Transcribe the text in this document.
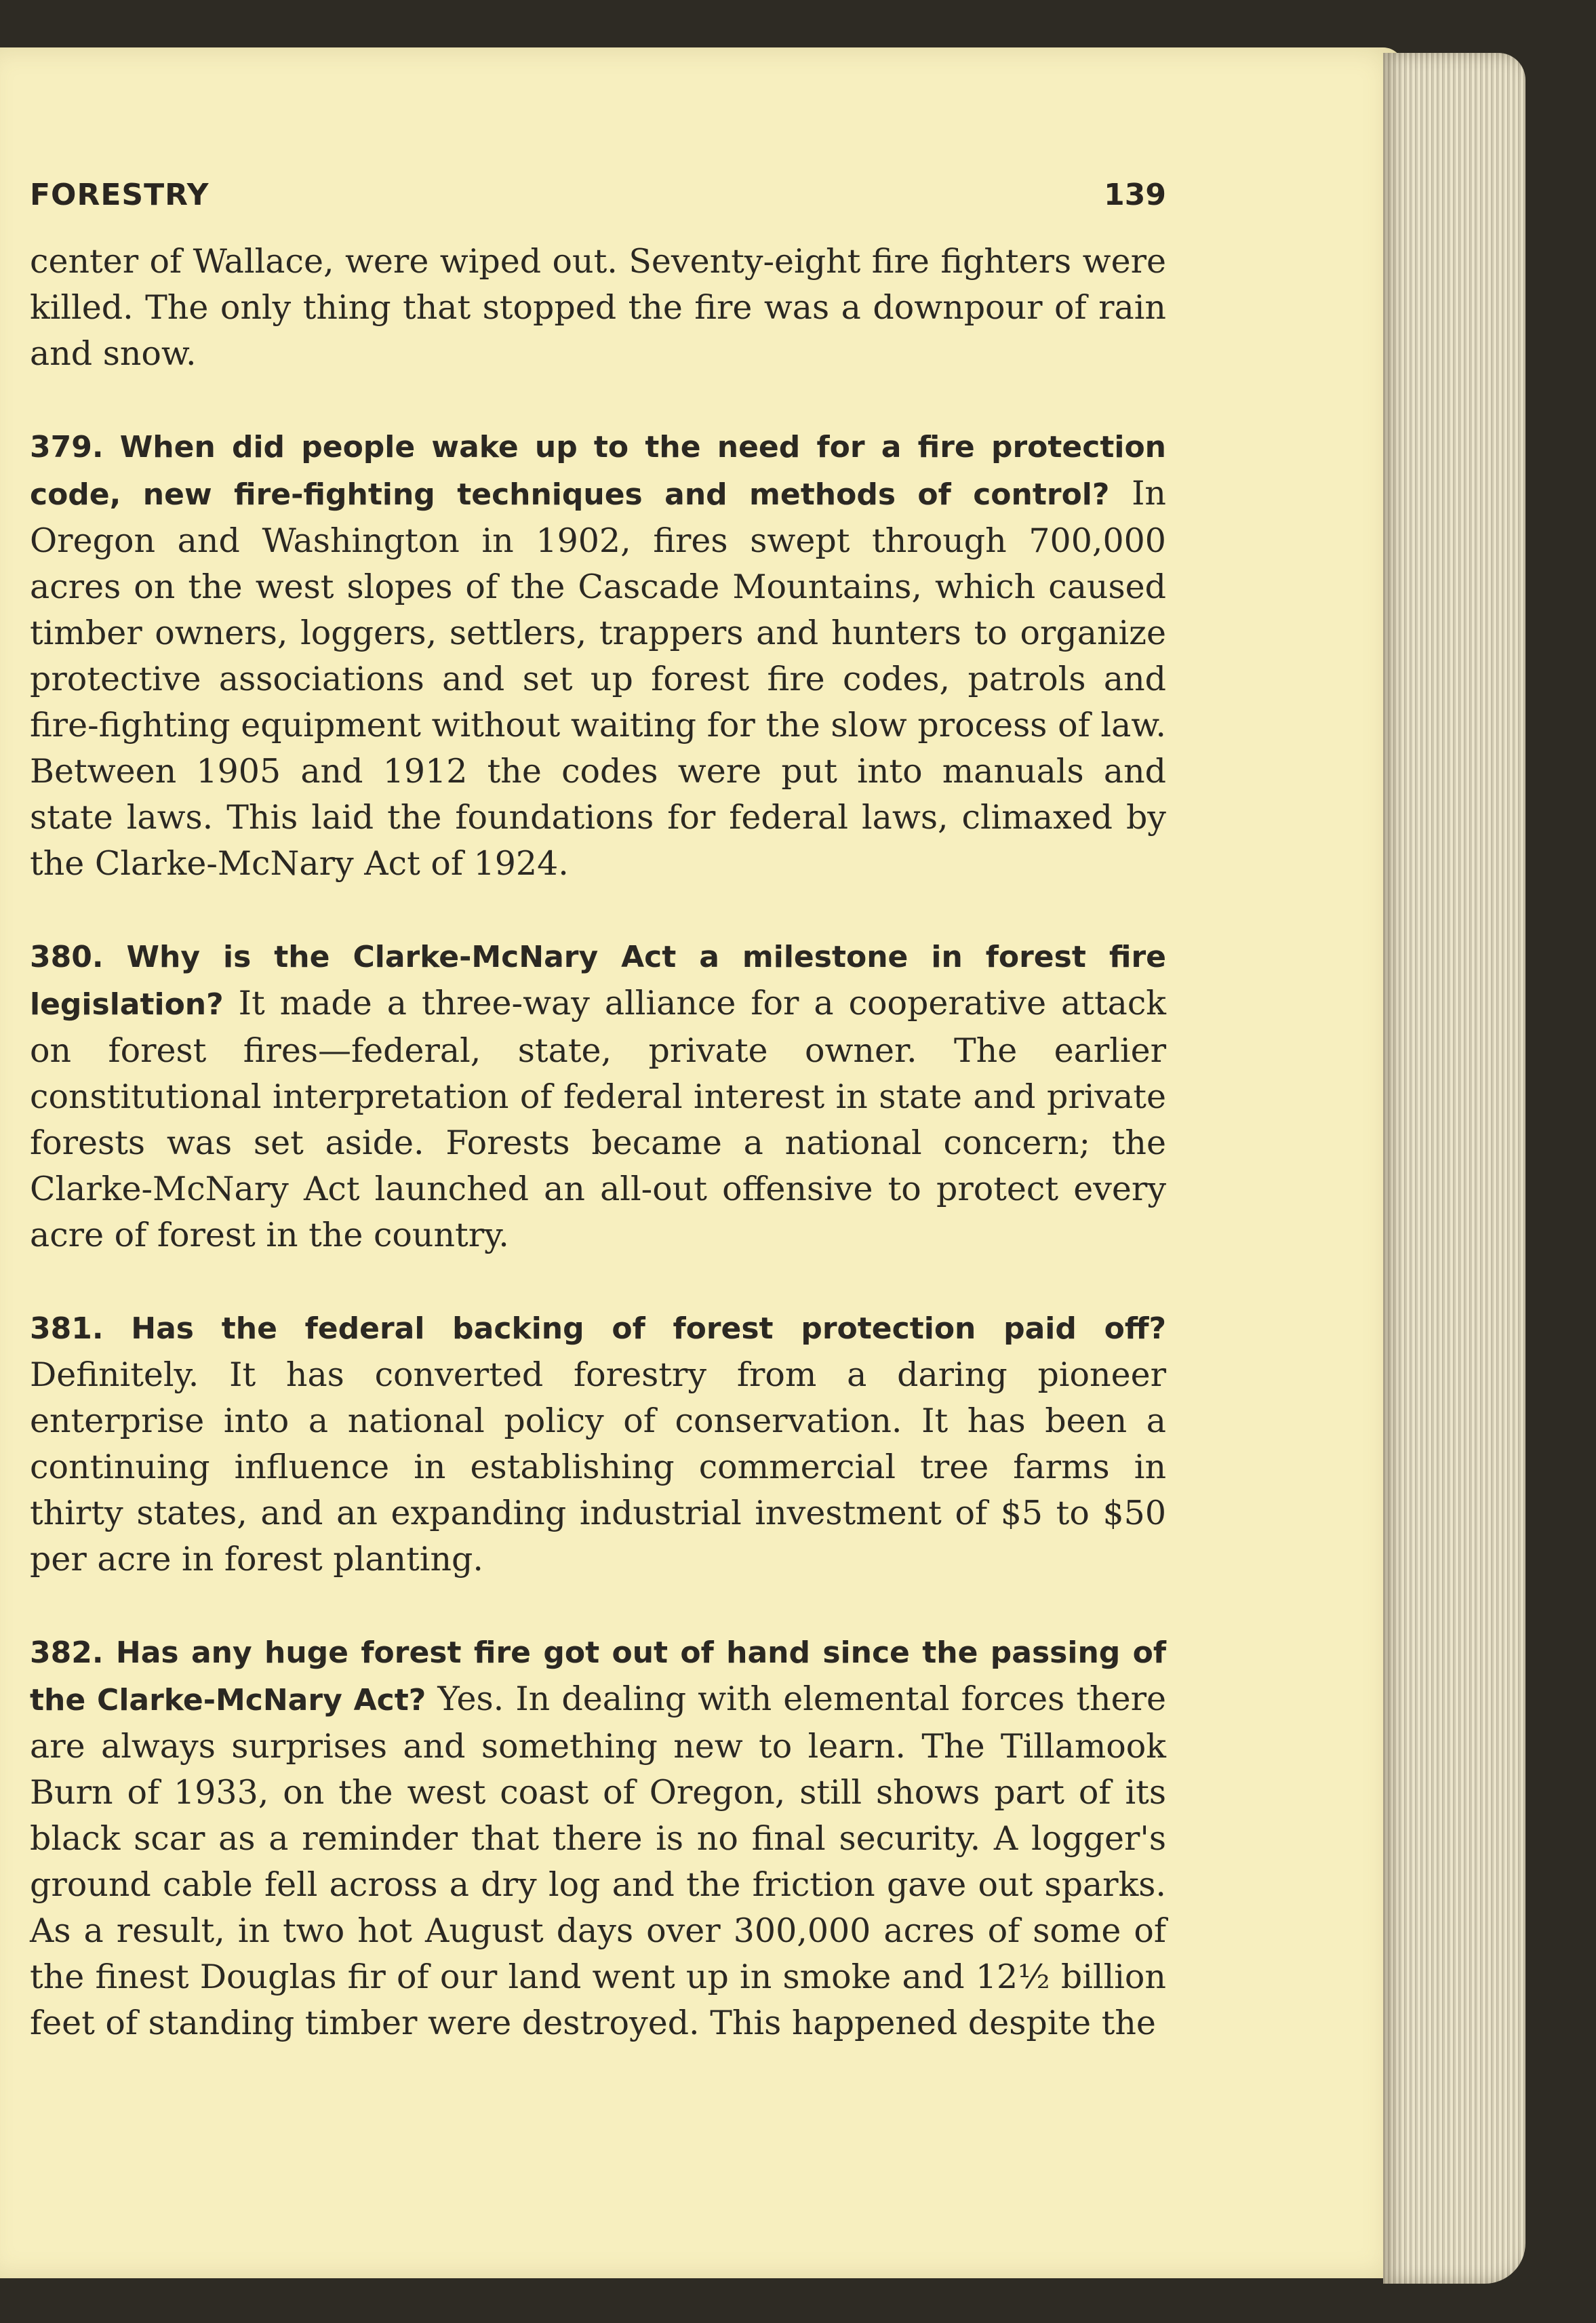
FORESTRY	139

center of Wallace, were wiped out. Seventy-eight fire fighters were killed. The only thing that stopped the fire was a downpour of rain and snow.

379. When did people wake up to the need for a fire protection code, new fire-fighting techniques and methods of control? In Oregon and Washington in 1902, fires swept through 700,000 acres on the west slopes of the Cascade Mountains, which caused timber owners, loggers, settlers, trappers and hunters to organize protective associations and set up forest fire codes, patrols and fire-fighting equipment without waiting for the slow process of law. Between 1905 and 1912 the codes were put into manuals and state laws. This laid the foundations for federal laws, climaxed by the Clarke-McNary Act of 1924.

380. Why is the Clarke-McNary Act a milestone in forest fire legislation? It made a three-way alliance for a cooperative attack on forest fires—federal, state, private owner. The earlier constitutional interpretation of federal interest in state and private forests was set aside. Forests became a national concern; the Clarke-McNary Act launched an all-out offensive to protect every acre of forest in the country.

381. Has the federal backing of forest protection paid off? Definitely. It has converted forestry from a daring pioneer enterprise into a national policy of conservation. It has been a continuing influence in establishing commercial tree farms in thirty states, and an expanding industrial investment of $5 to $50 per acre in forest planting.

382. Has any huge forest fire got out of hand since the passing of the Clarke-McNary Act? Yes. In dealing with elemental forces there are always surprises and something new to learn. The Tillamook Burn of 1933, on the west coast of Oregon, still shows part of its black scar as a reminder that there is no final security. A logger's ground cable fell across a dry log and the friction gave out sparks. As a result, in two hot August days over 300,000 acres of some of the finest Douglas fir of our land went up in smoke and 12½ billion feet of standing timber were destroyed. This happened despite the
